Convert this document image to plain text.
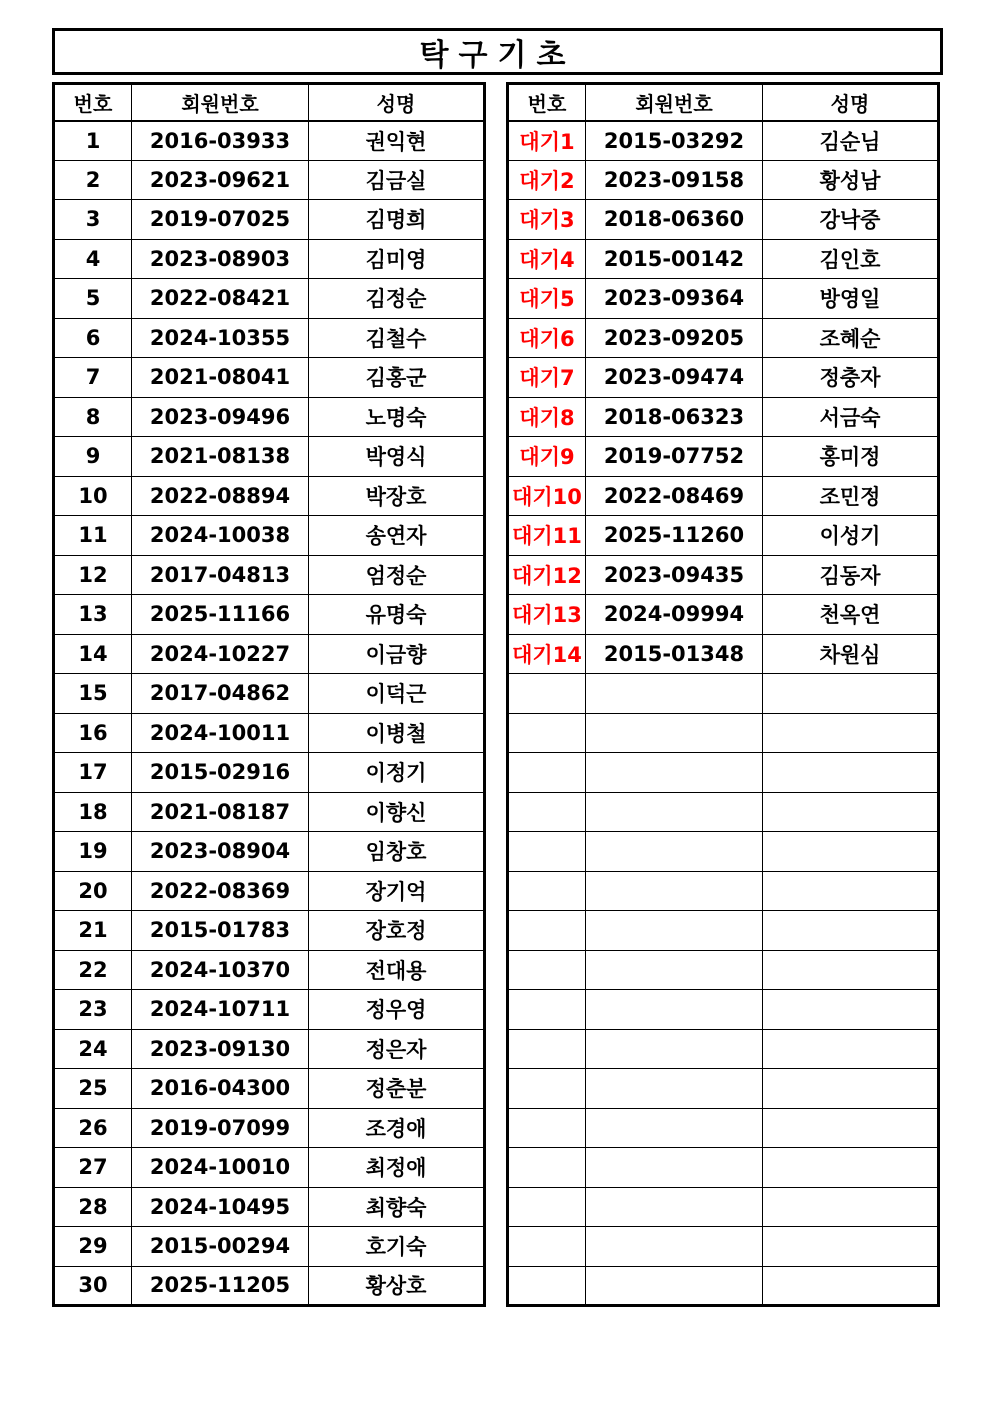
탁구기초
번호	회원번호	성명
1	2016-03933	권익현
2	2023-09621	김금실
3	2019-07025	김명희
4	2023-08903	김미영
5	2022-08421	김정순
6	2024-10355	김철수
7	2021-08041	김홍군
8	2023-09496	노명숙
9	2021-08138	박영식
10	2022-08894	박장호
11	2024-10038	송연자
12	2017-04813	엄정순
13	2025-11166	유명숙
14	2024-10227	이금향
15	2017-04862	이덕근
16	2024-10011	이병철
17	2015-02916	이정기
18	2021-08187	이향신
19	2023-08904	임창호
20	2022-08369	장기억
21	2015-01783	장호정
22	2024-10370	전대용
23	2024-10711	정우영
24	2023-09130	정은자
25	2016-04300	정춘분
26	2019-07099	조경애
27	2024-10010	최정애
28	2024-10495	최향숙
29	2015-00294	호기숙
30	2025-11205	황상호
번호	회원번호	성명
대기1	2015-03292	김순님
대기2	2023-09158	황성남
대기3	2018-06360	강낙중
대기4	2015-00142	김인호
대기5	2023-09364	방영일
대기6	2023-09205	조혜순
대기7	2023-09474	정충자
대기8	2018-06323	서금숙
대기9	2019-07752	홍미정
대기10	2022-08469	조민정
대기11	2025-11260	이성기
대기12	2023-09435	김동자
대기13	2024-09994	천옥연
대기14	2015-01348	차원심
